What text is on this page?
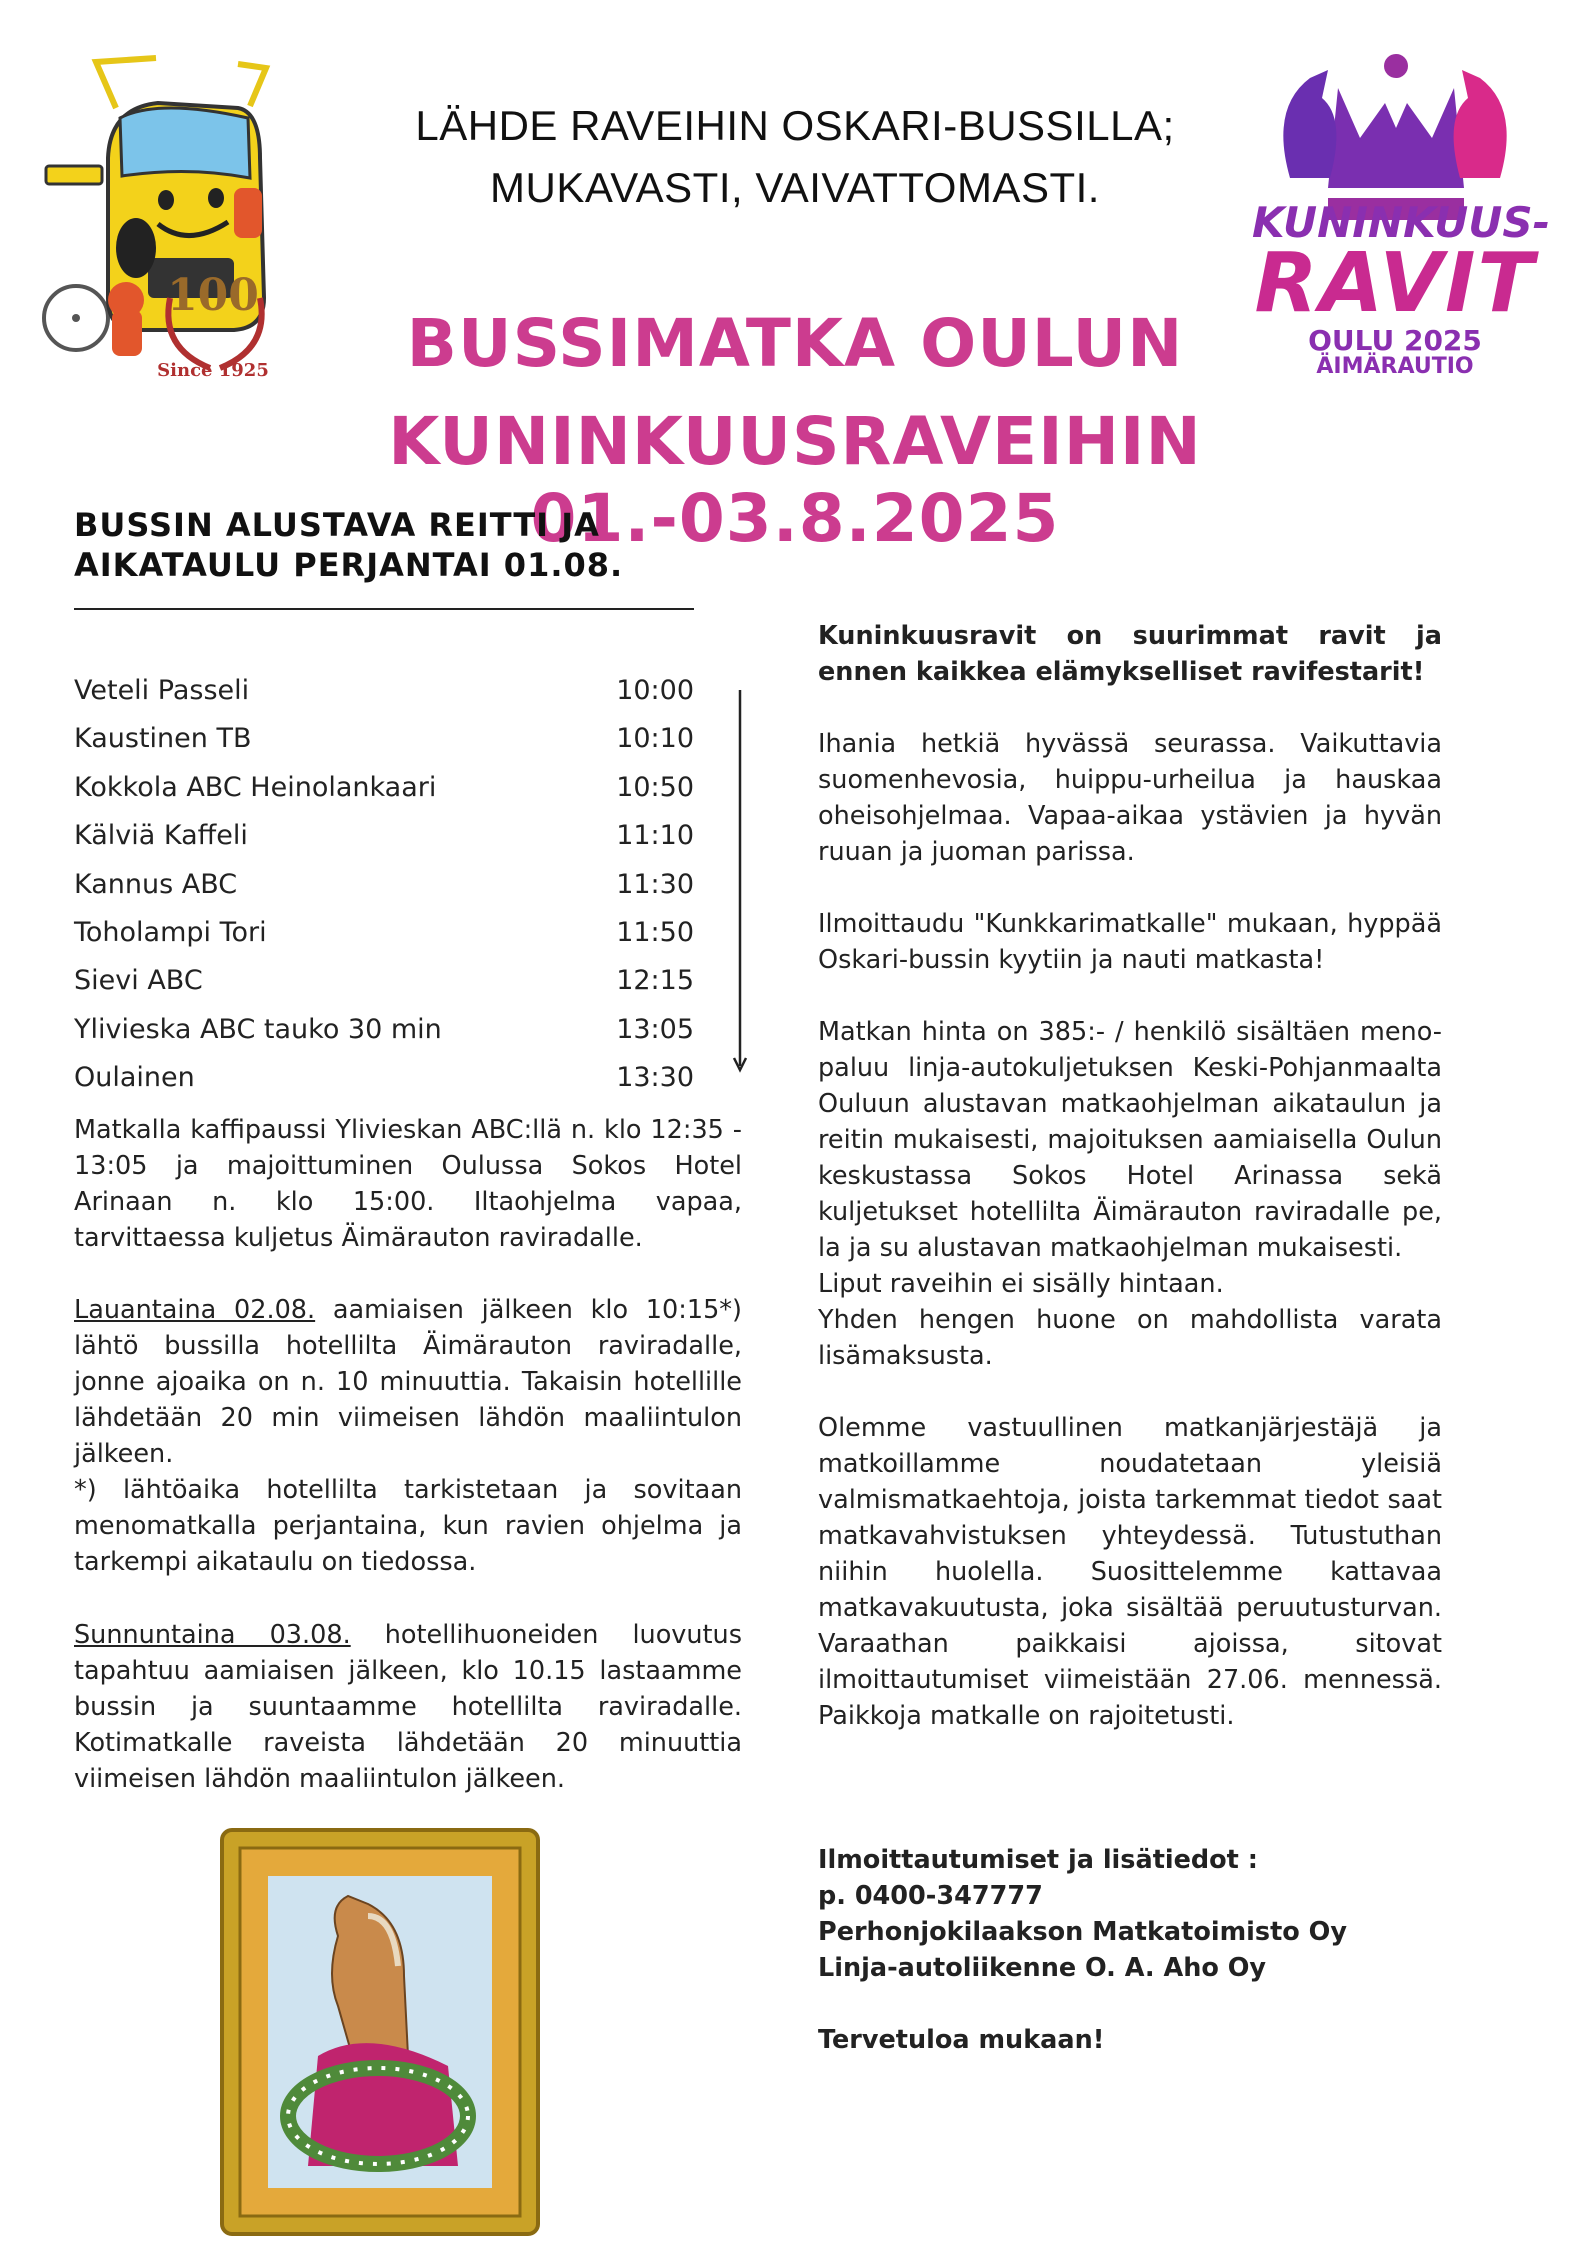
100
Since 1925
LÄHDE RAVEIHIN OSKARI-BUSSILLA;
MUKAVASTI, VAIVATTOMASTI.
BUSSIMATKA OULUN
KUNINKUUSRAVEIHIN 01.-03.8.2025
KUNINKUUS-
RAVIT
OULU 2025
ÄIMÄRAUTIO
BUSSIN ALUSTAVA REITTI JA
AIKATAULU PERJANTAI 01.08.
Veteli Passeli	10:00
Kaustinen TB	10:10
Kokkola ABC Heinolankaari	10:50
Kälviä Kaffeli	11:10
Kannus ABC	11:30
Toholampi Tori	11:50
Sievi ABC	12:15
Ylivieska ABC tauko 30 min	13:05
Oulainen	13:30
Matkalla kaffipaussi Ylivieskan ABC:llä n. klo 12:35 - 13:05 ja majoittuminen Oulussa Sokos Hotel Arinaan n. klo 15:00. Iltaohjelma vapaa, tarvittaessa kuljetus Äimärauton raviradalle.
Lauantaina 02.08. aamiaisen jälkeen klo 10:15*) lähtö bussilla hotellilta Äimärauton raviradalle, jonne ajoaika on n. 10 minuuttia. Takaisin hotellille lähdetään 20 min viimeisen lähdön maaliintulon jälkeen.
*) lähtöaika hotellilta tarkistetaan ja sovitaan menomatkalla perjantaina, kun ravien ohjelma ja tarkempi aikataulu on tiedossa.
Sunnuntaina 03.08. hotellihuoneiden luovutus tapahtuu aamiaisen jälkeen, klo 10.15 lastaamme bussin ja suuntaamme hotellilta raviradalle. Kotimatkalle raveista lähdetään 20 minuuttia viimeisen lähdön maaliintulon jälkeen.
Kuninkuusravit on suurimmat ravit ja ennen kaikkea elämykselliset ravifestarit!
Ihania hetkiä hyvässä seurassa. Vaikuttavia suomenhevosia, huippu-urheilua ja hauskaa oheisohjelmaa. Vapaa-aikaa ystävien ja hyvän ruuan ja juoman parissa.
Ilmoittaudu "Kunkkarimatkalle" mukaan, hyppää Oskari-bussin kyytiin ja nauti matkasta!
Matkan hinta on 385:- / henkilö sisältäen meno-paluu linja-autokuljetuksen Keski-Pohjanmaalta Ouluun alustavan matkaohjelman aikataulun ja reitin mukaisesti, majoituksen aamiaisella Oulun keskustassa Sokos Hotel Arinassa sekä kuljetukset hotellilta Äimärauton raviradalle pe, la ja su alustavan matkaohjelman mukaisesti.
Liput raveihin ei sisälly hintaan.
Yhden hengen huone on mahdollista varata lisämaksusta.
Olemme vastuullinen matkanjärjestäjä ja matkoillamme noudatetaan yleisiä valmismatkaehtoja, joista tarkemmat tiedot saat matkavahvistuksen yhteydessä. Tutustuthan niihin huolella. Suosittelemme kattavaa matkavakuutusta, joka sisältää peruutusturvan. Varaathan paikkaisi ajoissa, sitovat ilmoittautumiset viimeistään 27.06. mennessä. Paikkoja matkalle on rajoitetusti.
Ilmoittautumiset ja lisätiedot :
p. 0400-347777
Perhonjokilaakson Matkatoimisto Oy
Linja-autoliikenne O. A. Aho Oy
Tervetuloa mukaan!
